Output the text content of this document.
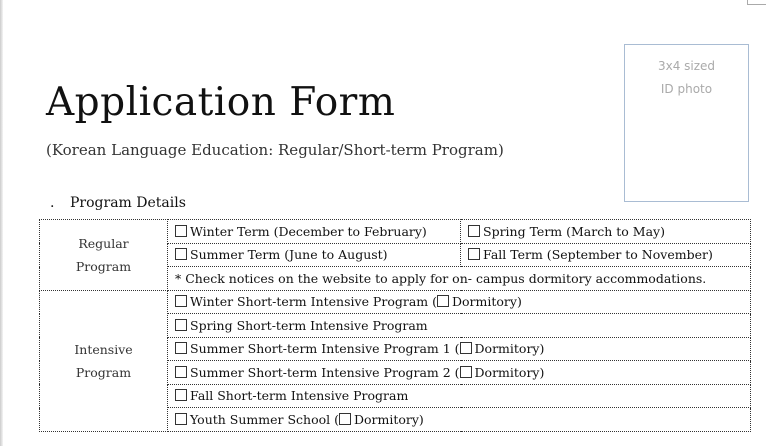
Application Form
(Korean Language Education: Regular/Short-term Program)
3x4 sized
ID photo
. Program Details
Regular
Program	Winter Term (December to February)	Spring Term (March to May)
	Summer Term (June to August)	Fall Term (September to November)
	* Check notices on the website to apply for on- campus dormitory accommodations.	
Intensive
Program	Winter Short-term Intensive Program ( Dormitory)	
	Spring Short-term Intensive Program	
	Summer Short-term Intensive Program 1 ( Dormitory)	
	Summer Short-term Intensive Program 2 ( Dormitory)	
	Fall Short-term Intensive Program	
	Youth Summer School ( Dormitory)	
